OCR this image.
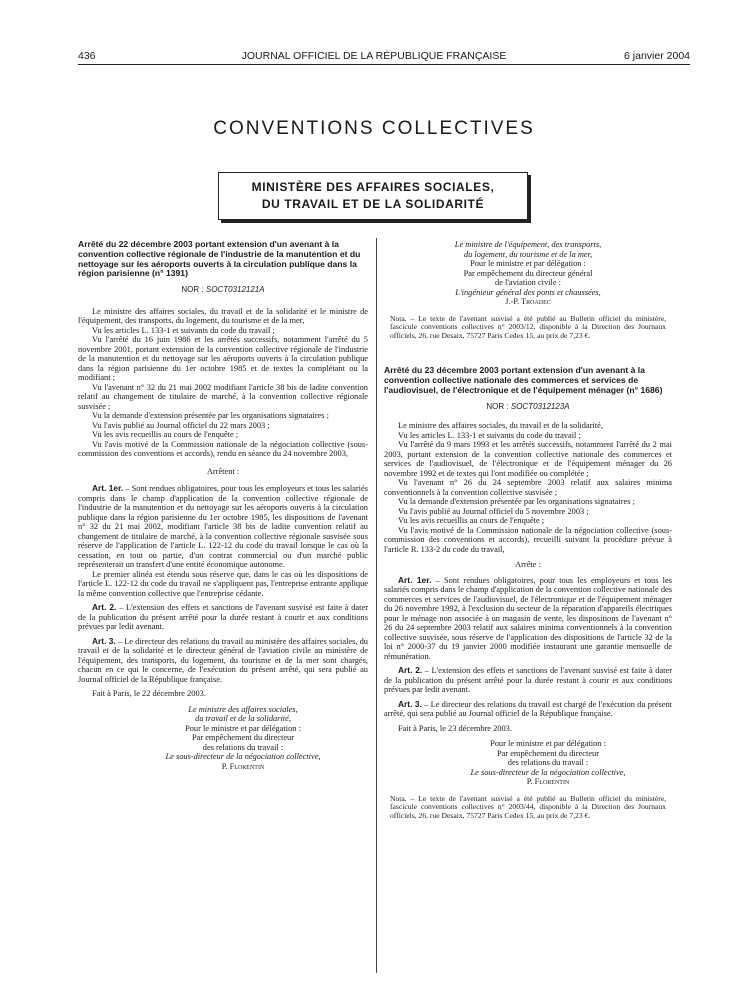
436	JOURNAL OFFICIEL DE LA RÉPUBLIQUE FRANÇAISE	6 janvier 2004
CONVENTIONS COLLECTIVES
MINISTÈRE DES AFFAIRES SOCIALES,
DU TRAVAIL ET DE LA SOLIDARITÉ

Arrêté du 22 décembre 2003 portant extension d'un avenant à la convention collective régionale de l'industrie de la manutention et du nettoyage sur les aéroports ouverts à la circulation publique dans la région parisienne (n° 1391)

NOR : SOCT0312121A

Le ministre des affaires sociales, du travail et de la solidarité et le ministre de l'équipement, des transports, du logement, du tourisme et de la mer,

Vu les articles L. 133-1 et suivants du code du travail ;

Vu l'arrêté du 16 juin 1986 et les arrêtés successifs, notamment l'arrêté du 5 novembre 2001, portant extension de la convention collective régionale de l'industrie de la manutention et du nettoyage sur les aéroports ouverts à la circulation publique dans la région parisienne du 1er octobre 1985 et de textes la complétant ou la modifiant ;

Vu l'avenant n° 32 du 21 mai 2002 modifiant l'article 38 bis de ladite convention relatif au changement de titulaire de marché, à la convention collective régionale susvisée ;

Vu la demande d'extension présentée par les organisations signataires ;

Vu l'avis publié au Journal officiel du 22 mars 2003 ;

Vu les avis recueillis au cours de l'enquête ;

Vu l'avis motivé de la Commission nationale de la négociation collective (sous-commission des conventions et accords), rendu en séance du 24 novembre 2003,

Arrêtent :

Art. 1er. – Sont rendues obligatoires, pour tous les employeurs et tous les salariés compris dans le champ d'application de la convention collective régionale de l'industrie de la manutention et du nettoyage sur les aéroports ouverts à la circulation publique dans la région parisienne du 1er octobre 1985, les dispositions de l'avenant n° 32 du 21 mai 2002, modifiant l'article 38 bis de ladite convention relatif au changement de titulaire de marché, à la convention collective régionale susvisée sous réserve de l'application de l'article L. 122-12 du code du travail lorsque le cas où la cessation, en tout ou partie, d'un contrat commercial ou d'un marché public représenterait un transfert d'une entité économique autonome.

Le premier alinéa est étendu sous réserve que, dans le cas où les dispositions de l'article L. 122-12 du code du travail ne s'appliquent pas, l'entreprise entrante applique la même convention collective que l'entreprise cédante.

Art. 2. – L'extension des effets et sanctions de l'avenant susvisé est faite à dater de la publication du présent arrêté pour la durée restant à courir et aux conditions prévues par ledit avenant.

Art. 3. – Le directeur des relations du travail au ministère des affaires sociales, du travail et de la solidarité et le directeur général de l'aviation civile au ministère de l'équipement, des transports, du logement, du tourisme et de la mer sont chargés, chacun en ce qui le concerne, de l'exécution du présent arrêté, qui sera publié au Journal officiel de la République française.

Fait à Paris, le 22 décembre 2003.

Le ministre des affaires sociales,

du travail et de la solidarité,

Pour le ministre et par délégation :

Par empêchement du directeur

des relations du travail :

Le sous-directeur de la négociation collective,

P. Florentin

Le ministre de l'équipement, des transports,

du logement, du tourisme et de la mer,

Pour le ministre et par délégation :

Par empêchement du directeur général

de l'aviation civile :

L'ingénieur général des ponts et chaussées,

J.-P. Troadec

Nota. – Le texte de l'avenant susvisé a été publié au Bulletin officiel du ministère, fascicule conventions collectives n° 2003/12, disponible à la Direction des Journaux officiels, 26, rue Desaix, 75727 Paris Cedex 15, au prix de 7,23 €.

Arrêté du 23 décembre 2003 portant extension d'un avenant à la convention collective nationale des commerces et services de l'audiovisuel, de l'électronique et de l'équipement ménager (n° 1686)

NOR : SOCT0312123A

Le ministre des affaires sociales, du travail et de la solidarité,

Vu les articles L. 133-1 et suivants du code du travail ;

Vu l'arrêté du 9 mars 1993 et les arrêtés successifs, notamment l'arrêté du 2 mai 2003, portant extension de la convention collective nationale des commerces et services de l'audiovisuel, de l'électronique et de l'équipement ménager du 26 novembre 1992 et de textes qui l'ont modifiée ou complétée ;

Vu l'avenant n° 26 du 24 septembre 2003 relatif aux salaires minima conventionnels à la convention collective susvisée ;

Vu la demande d'extension présentée par les organisations signataires ;

Vu l'avis publié au Journal officiel du 5 novembre 2003 ;

Vu les avis recueillis au cours de l'enquête ;

Vu l'avis motivé de la Commission nationale de la négociation collective (sous-commission des conventions et accords), recueilli suivant la procédure prévue à l'article R. 133-2 du code du travail,

Arrête :

Art. 1er. – Sont rendues obligatoires, pour tous les employeurs et tous les salariés compris dans le champ d'application de la convention collective nationale des commerces et services de l'audiovisuel, de l'électronique et de l'équipement ménager du 26 novembre 1992, à l'exclusion du secteur de la réparation d'appareils électriques pour le ménage non associée à un magasin de vente, les dispositions de l'avenant n° 26 du 24 septembre 2003 relatif aux salaires minima conventionnels à la convention collective susvisée, sous réserve de l'application des dispositions de l'article 32 de la loi n° 2000-37 du 19 janvier 2000 modifiée instaurant une garantie mensuelle de rémunération.

Art. 2. – L'extension des effets et sanctions de l'avenant susvisé est faite à dater de la publication du présent arrêté pour la durée restant à courir et aux conditions prévues par ledit avenant.

Art. 3. – Le directeur des relations du travail est chargé de l'exécution du présent arrêté, qui sera publié au Journal officiel de la République française.

Fait à Paris, le 23 décembre 2003.

Pour le ministre et par délégation :

Par empêchement du directeur

des relations du travail :

Le sous-directeur de la négociation collective,

P. Florentin

Nota. – Le texte de l'avenant susvisé a été publié au Bulletin officiel du ministère, fascicule conventions collectives n° 2003/44, disponible à la Direction des Journaux officiels, 26, rue Desaix, 75727 Paris Cedex 15, au prix de 7,23 €.
